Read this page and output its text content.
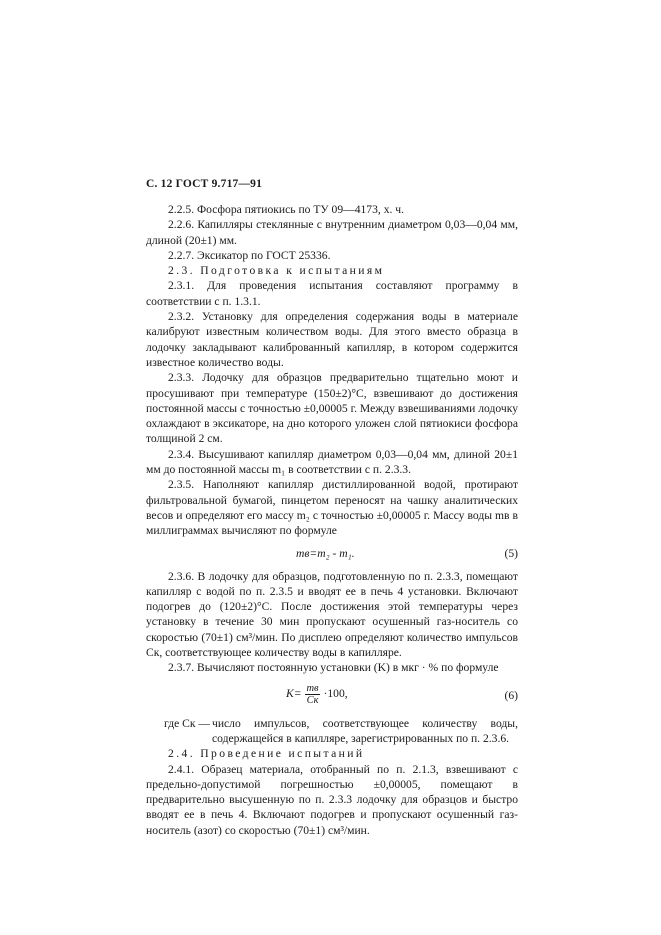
С. 12 ГОСТ 9.717—91

2.2.5. Фосфора пятиокись по ТУ 09—4173, х. ч.

2.2.6. Капилляры стеклянные с внутренним диаметром 0,03—0,04 мм, длиной (20±1) мм.

2.2.7. Эксикатор по ГОСТ 25336.

2.3. Подготовка к испытаниям

2.3.1. Для проведения испытания составляют программу в соответствии с п. 1.3.1.

2.3.2. Установку для определения содержания воды в материале калибруют известным количеством воды. Для этого вместо образца в лодочку закладывают калиброванный капилляр, в котором содержится известное количество воды.

2.3.3. Лодочку для образцов предварительно тщательно моют и просушивают при температуре (150±2)°С, взвешивают до достижения постоянной массы с точностью ±0,00005 г. Между взвешиваниями лодочку охлаждают в эксикаторе, на дно которого уложен слой пятиокиси фосфора толщиной 2 см.

2.3.4. Высушивают капилляр диаметром 0,03—0,04 мм, длиной 20±1 мм до постоянной массы m₁ в соответствии с п. 2.3.3.

2.3.5. Наполняют капилляр дистиллированной водой, протирают фильтровальной бумагой, пинцетом переносят на чашку аналитических весов и определяют его массу m₂ с точностью ±0,00005 г. Массу воды mв в миллиграммах вычисляют по формуле

mв=m₂ - m₁.	(5)

2.3.6. В лодочку для образцов, подготовленную по п. 2.3.3, помещают капилляр с водой по п. 2.3.5 и вводят ее в печь 4 установки. Включают подогрев до (120±2)°С. После достижения этой температуры через установку в течение 30 мин пропускают осушенный газ-носитель со скоростью (70±1) см³/мин. По дисплею определяют количество импульсов Cк, соответствующее количеству воды в капилляре.

2.3.7. Вычисляют постоянную установки (K) в мкг · % по формуле

$K= \frac{mв}{Cк} \cdot 100$,	(6)
где Cк — число импульсов, соответствующее количеству воды, содержащейся в капилляре, зарегистрированных по п. 2.3.6.

2.4. Проведение испытаний

2.4.1. Образец материала, отобранный по п. 2.1.3, взвешивают с предельно-допустимой погрешностью ±0,00005, помещают в предварительно высушенную по п. 2.3.3 лодочку для образцов и быстро вводят ее в печь 4. Включают подогрев и пропускают осушенный газ-носитель (азот) со скоростью (70±1) см³/мин.
